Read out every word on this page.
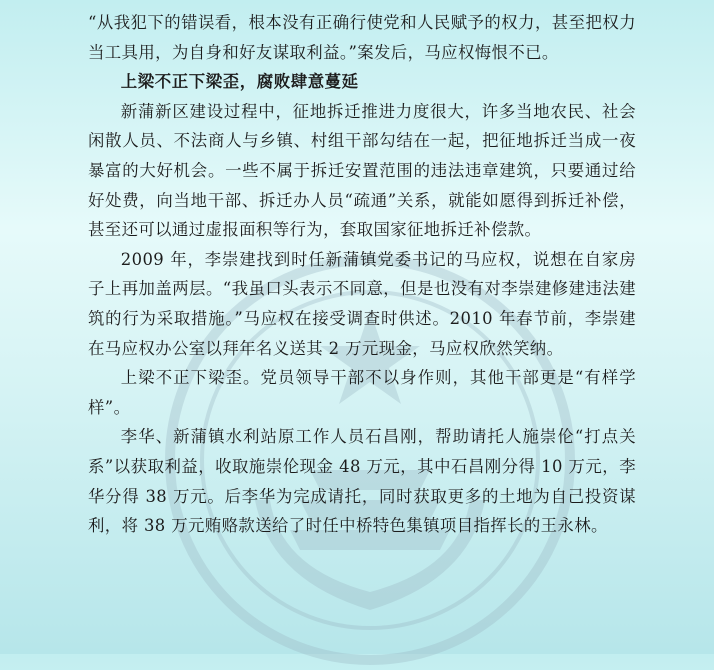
“从我犯下的错误看，根本没有正确行使党和人民赋予的权力，甚至把权力当工具用，为自身和好友谋取利益。”案发后，马应权悔恨不已。

上梁不正下梁歪，腐败肆意蔓延

新蒲新区建设过程中，征地拆迁推进力度很大，许多当地农民、社会闲散人员、不法商人与乡镇、村组干部勾结在一起，把征地拆迁当成一夜暴富的大好机会。一些不属于拆迁安置范围的违法违章建筑，只要通过给好处费，向当地干部、拆迁办人员“疏通”关系，就能如愿得到拆迁补偿，甚至还可以通过虚报面积等行为，套取国家征地拆迁补偿款。

2009 年，李崇建找到时任新蒲镇党委书记的马应权，说想在自家房子上再加盖两层。“我虽口头表示不同意，但是也没有对李崇建修建违法建筑的行为采取措施。”马应权在接受调查时供述。2010 年春节前，李崇建在马应权办公室以拜年名义送其 2 万元现金，马应权欣然笑纳。

上梁不正下梁歪。党员领导干部不以身作则，其他干部更是“有样学样”。

李华、新蒲镇水利站原工作人员石昌刚，帮助请托人施崇伦“打点关系”以获取利益，收取施崇伦现金 48 万元，其中石昌刚分得 10 万元，李华分得 38 万元。后李华为完成请托，同时获取更多的土地为自己投资谋利，将 38 万元贿赂款送给了时任中桥特色集镇项目指挥长的王永林。
